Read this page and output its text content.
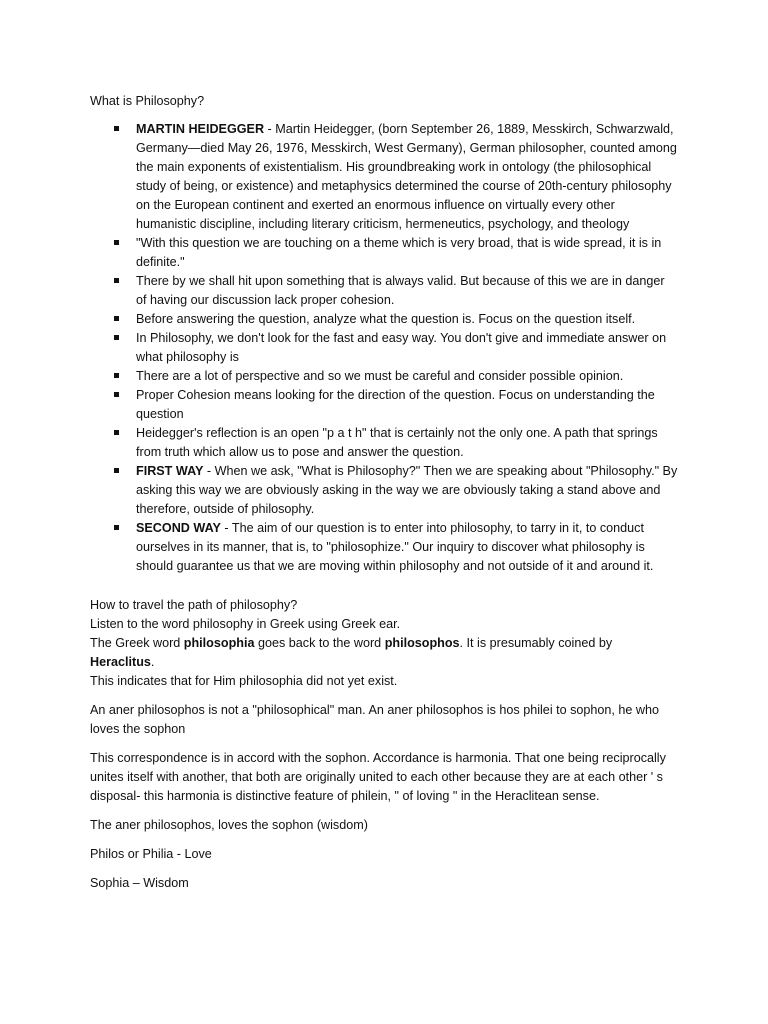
What is Philosophy?

MARTIN HEIDEGGER - Martin Heidegger, (born September 26, 1889, Messkirch, Schwarzwald, Germany—died May 26, 1976, Messkirch, West Germany), German philosopher, counted among the main exponents of existentialism. His groundbreaking work in ontology (the philosophical study of being, or existence) and metaphysics determined the course of 20th-century philosophy on the European continent and exerted an enormous influence on virtually every other humanistic discipline, including literary criticism, hermeneutics, psychology, and theology
"With this question we are touching on a theme which is very broad, that is wide spread, it is in definite."
There by we shall hit upon something that is always valid. But because of this we are in danger of having our discussion lack proper cohesion.
Before answering the question, analyze what the question is. Focus on the question itself.
In Philosophy, we don't look for the fast and easy way. You don't give and immediate answer on what philosophy is
There are a lot of perspective and so we must be careful and consider possible opinion.
Proper Cohesion means looking for the direction of the question. Focus on understanding the question
Heidegger's reflection is an open "p a t h" that is certainly not the only one. A path that springs from truth which allow us to pose and answer the question.
FIRST WAY - When we ask, "What is Philosophy?" Then we are speaking about "Philosophy." By asking this way we are obviously asking in the way we are obviously taking a stand above and therefore, outside of philosophy.
SECOND WAY - The aim of our question is to enter into philosophy, to tarry in it, to conduct ourselves in its manner, that is, to "philosophize." Our inquiry to discover what philosophy is should guarantee us that we are moving within philosophy and not outside of it and around it.

How to travel the path of philosophy?

Listen to the word philosophy in Greek using Greek ear.

The Greek word philosophia goes back to the word philosophos. It is presumably coined by Heraclitus.

This indicates that for Him philosophia did not yet exist.

An aner philosophos is not a "philosophical" man. An aner philosophos is hos philei to sophon, he who loves the sophon

This correspondence is in accord with the sophon. Accordance is harmonia. That one being reciprocally unites itself with another, that both are originally united to each other because they are at each other ' s disposal- this harmonia is distinctive feature of philein, " of loving " in the Heraclitean sense.

The aner philosophos, loves the sophon (wisdom)

Philos or Philia - Love

Sophia – Wisdom
